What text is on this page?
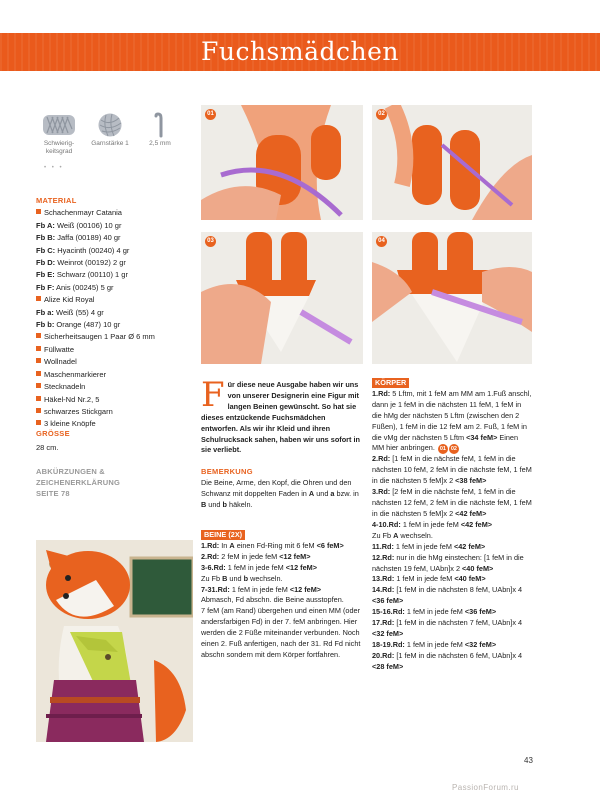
Fuchsmädchen
Schwierig-
keitsgrad
Garnstärke 1	2,5 mm
• • •
MATERIAL
Schachenmayr Catania
Fb A: Weiß (00106) 10 gr
Fb B: Jaffa (00189) 40 gr
Fb C: Hyacinth (00240) 4 gr
Fb D: Weinrot (00192) 2 gr
Fb E: Schwarz (00110) 1 gr
Fb F: Anis (00245) 5 gr
Alize Kid Royal
Fb a: Weiß (55) 4 gr
Fb b: Orange (487) 10 gr
Sicherheitsaugen 1 Paar Ø 6 mm
Füllwatte
Wollnadel
Maschenmarkierer
Stecknadeln
Häkel-Nd Nr.2, 5
schwarzes Stickgarn
3 kleine Knöpfe
GRÖSSE
28 cm.
ABKÜRZUNGEN & ZEICHENERKLÄRUNG
SEITE 78
01	02
03	04
F ür diese neue Ausgabe haben wir uns von unserer Designerin eine Figur mit langen Beinen gewünscht. So hat sie dieses entzückende Fuchsmädchen entworfen. Als wir ihr Kleid und ihren Schulrucksack sahen, haben wir uns sofort in sie verliebt.

BEMERKUNG
Die Beine, Arme, den Kopf, die Ohren und den Schwanz mit doppelten Faden in A und a bzw. in B und b häkeln.
BEINE (2X)
1.Rd: In A einen Fd-Ring mit 6 feM <6 feM>
2.Rd: 2 feM in jede feM <12 feM>
3-6.Rd: 1 feM in jede feM <12 feM>
Zu Fb B und b wechseln.
7-31.Rd: 1 feM in jede feM <12 feM>
Abmasch, Fd abschn. die Beine ausstopfen.
7 feM (am Rand) übergehen und einen MM (oder andersfarbigen Fd) in der 7. feM anbringen. Hier werden die 2 Füße miteinander verbunden. Noch einen 2. Fuß anfertigen, nach der 31. Rd Fd nicht abschn sondern mit dem Körper fortfahren.
KÖRPER
1.Rd: 5 Lftm, mit 1 feM am MM am 1.Fuß anschl, dann je 1 feM in die nächsten 11 feM, 1 feM in die hMg der nächsten 5 Lftm (zwischen den 2 Füßen), 1 feM in die 12 feM am 2. Fuß, 1 feM in die vMg der nächsten 5 Lftm <34 feM> Einen MM hier anbringen. 01 02
2.Rd: [1 feM in die nächste feM, 1 feM in die nächsten 10 feM, 2 feM in die nächste feM, 1 feM in die nächsten 5 feM]x 2 <38 feM>
3.Rd: [2 feM in die nächste feM, 1 feM in die nächsten 12 feM, 2 feM in die nächste feM, 1 feM in die nächsten 5 feM]x 2 <42 feM>
4-10.Rd: 1 feM in jede feM <42 feM>
Zu Fb A wechseln.
11.Rd: 1 feM in jede feM <42 feM>
12.Rd: nur in die hMg einstechen: [1 feM in die nächsten 19 feM, UAbn]x 2 <40 feM>
13.Rd: 1 feM in jede feM <40 feM>
14.Rd: [1 feM in die nächsten 8 feM, UAbn]x 4 <36 feM>
15-16.Rd: 1 feM in jede feM <36 feM>
17.Rd: [1 feM in die nächsten 7 feM, UAbn]x 4 <32 feM>
18-19.Rd: 1 feM in jede feM <32 feM>
20.Rd: [1 feM in die nächsten 6 feM, UAbn]x 4 <28 feM>
43
PassionForum.ru
